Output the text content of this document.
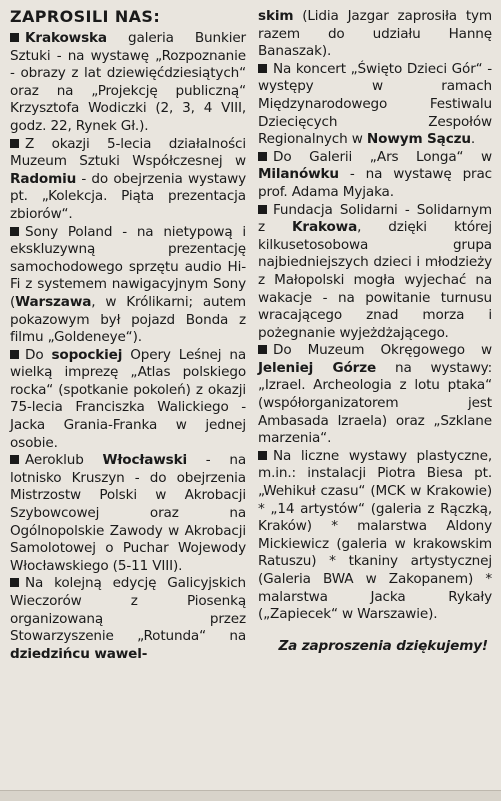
ZAPROSILI NAS:
Krakowska galeria Bunkier Sztuki - na wystawę „Rozpoznanie - obrazy z lat dziewięćdziesiątych“ oraz na „Projekcję publiczną“ Krzysztofa Wodiczki (2, 3, 4 VIII, godz. 22, Rynek Gł.).
Z okazji 5-lecia działalności Muzeum Sztuki Współczesnej w Radomiu - do obejrzenia wystawy pt. „Kolekcja. Piąta prezentacja zbiorów“.
Sony Poland - na nietypową i ekskluzywną prezentację samochodowego sprzętu audio Hi-Fi z systemem nawigacyjnym Sony (Warszawa, w Królikarni; autem pokazowym był pojazd Bonda z filmu „Goldeneye“).
Do sopockiej Opery Leśnej na wielką imprezę „Atlas polskiego rocka“ (spotkanie pokoleń) z okazji 75-lecia Franciszka Walickiego - Jacka Grania-Franka w jednej osobie.
Aeroklub Włocławski - na lotnisko Kruszyn - do obejrzenia Mistrzostw Polski w Akrobacji Szybowcowej oraz na Ogólnopolskie Zawody w Akrobacji Samolotowej o Puchar Wojewody Włocławskiego (5-11 VIII).
Na kolejną edycję Galicyjskich Wieczorów z Piosenką organizowaną przez Stowarzyszenie „Rotunda“ na dziedzińcu wawel-
skim (Lidia Jazgar zaprosiła tym razem do udziału Hannę Banaszak).
Na koncert „Święto Dzieci Gór“ - występy w ramach Międzynarodowego Festiwalu Dziecięcych Zespołów Regionalnych w Nowym Sączu.
Do Galerii „Ars Longa“ w Milanówku - na wystawę prac prof. Adama Myjaka.
Fundacja Solidarni - Solidarnym z Krakowa, dzięki której kilkusetosobowa grupa najbiedniejszych dzieci i młodzieży z Małopolski mogła wyjechać na wakacje - na powitanie turnusu wracającego znad morza i pożegnanie wyjeżdżającego.
Do Muzeum Okręgowego w Jeleniej Górze na wystawy: „Izrael. Archeologia z lotu ptaka“ (współorganizatorem jest Ambasada Izraela) oraz „Szklane marzenia“.
Na liczne wystawy plastyczne, m.in.: instalacji Piotra Biesa pt. „Wehikuł czasu“ (MCK w Krakowie) * „14 artystów“ (galeria z Rączką, Kraków) * malarstwa Aldony Mickiewicz (galeria w krakowskim Ratuszu) * tkaniny artystycznej (Galeria BWA w Zakopanem) * malarstwa Jacka Rykały („Zapiecek“ w Warszawie).
Za zaproszenia dziękujemy!
